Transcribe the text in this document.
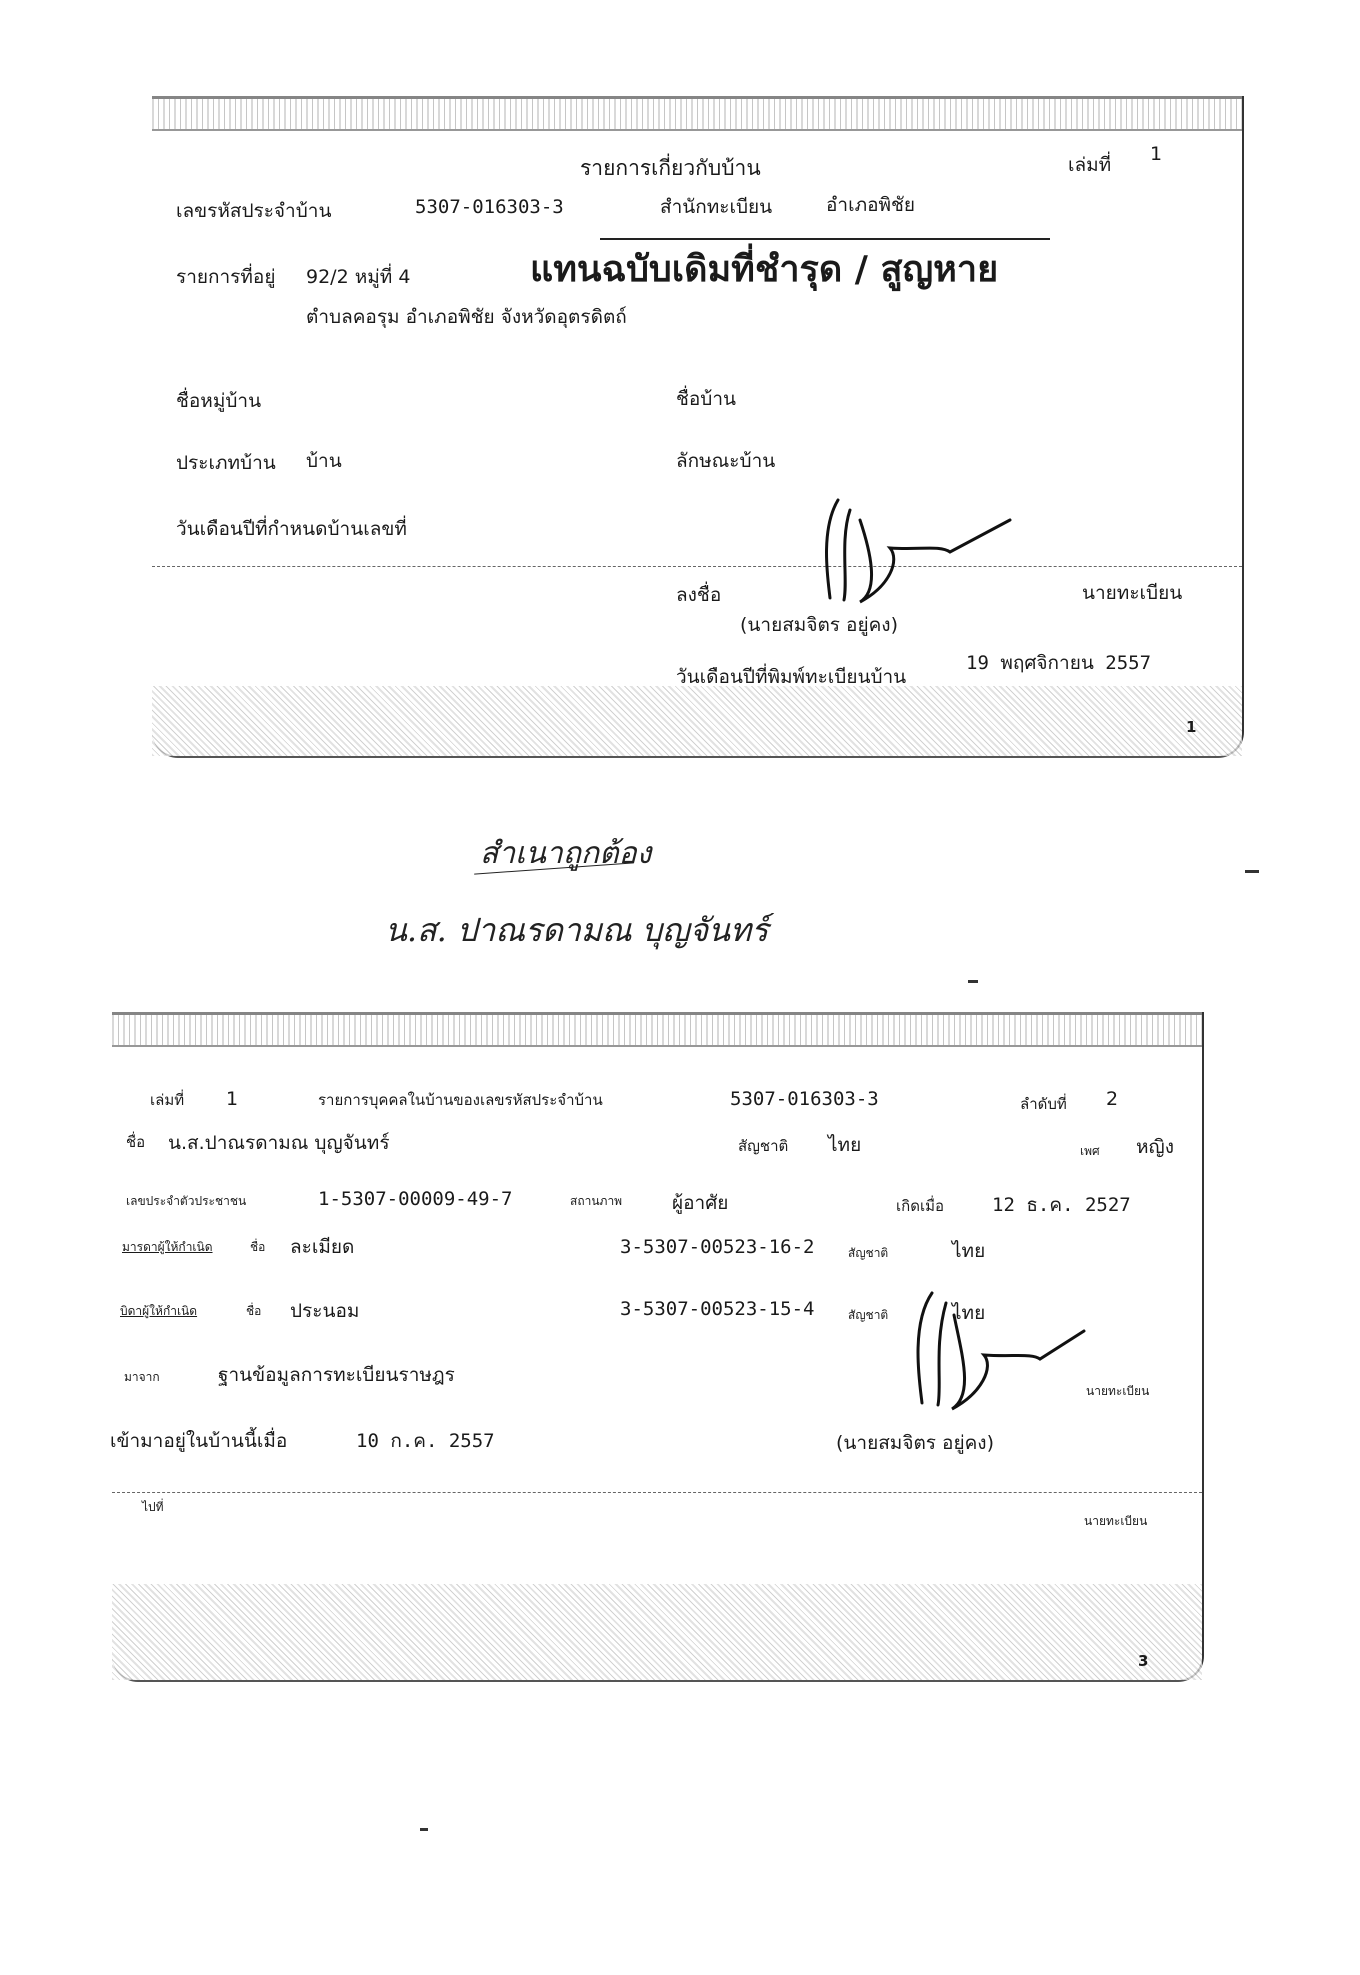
รายการเกี่ยวกับบ้าน	เล่มที่ 1
เลขรหัสประจำบ้าน	5307-016303-3	สำนักทะเบียน	อำเภอพิชัย
รายการที่อยู่ 92/2 หมู่ที่ 4	แทนฉบับเดิมที่ชำรุด / สูญหาย
ตำบลคอรุม อำเภอพิชัย จังหวัดอุตรดิตถ์
ชื่อหมู่บ้าน	ชื่อบ้าน
ประเภทบ้าน บ้าน	ลักษณะบ้าน
วันเดือนปีที่กำหนดบ้านเลขที่
ลงชื่อ	นายทะเบียน
(นายสมจิตร อยู่คง)
วันเดือนปีที่พิมพ์ทะเบียนบ้าน
19 พฤศจิกายน 2557
1
สำเนาถูกต้อง
น.ส. ปาณรดามณ บุญจันทร์
เล่มที่ 1	รายการบุคคลในบ้านของเลขรหัสประจำบ้าน	5307-016303-3	ลำดับที่ 2
ชื่อ น.ส.ปาณรดามณ บุญจันทร์	สัญชาติ ไทย	เพศ หญิง
เลขประจำตัวประชาชน	1-5307-00009-49-7	สถานภาพ	ผู้อาศัย	เกิดเมื่อ	12 ธ.ค. 2527
มารดาผู้ให้กำเนิด	ชื่อ ละเมียด	3-5307-00523-16-2	สัญชาติ	ไทย
บิดาผู้ให้กำเนิด	ชื่อ ประนอม	3-5307-00523-15-4	สัญชาติ	ไทย
มาจาก	ฐานข้อมูลการทะเบียนราษฎร
นายทะเบียน
เข้ามาอยู่ในบ้านนี้เมื่อ	10 ก.ค. 2557	(นายสมจิตร อยู่คง)
ไปที่
นายทะเบียน
3
